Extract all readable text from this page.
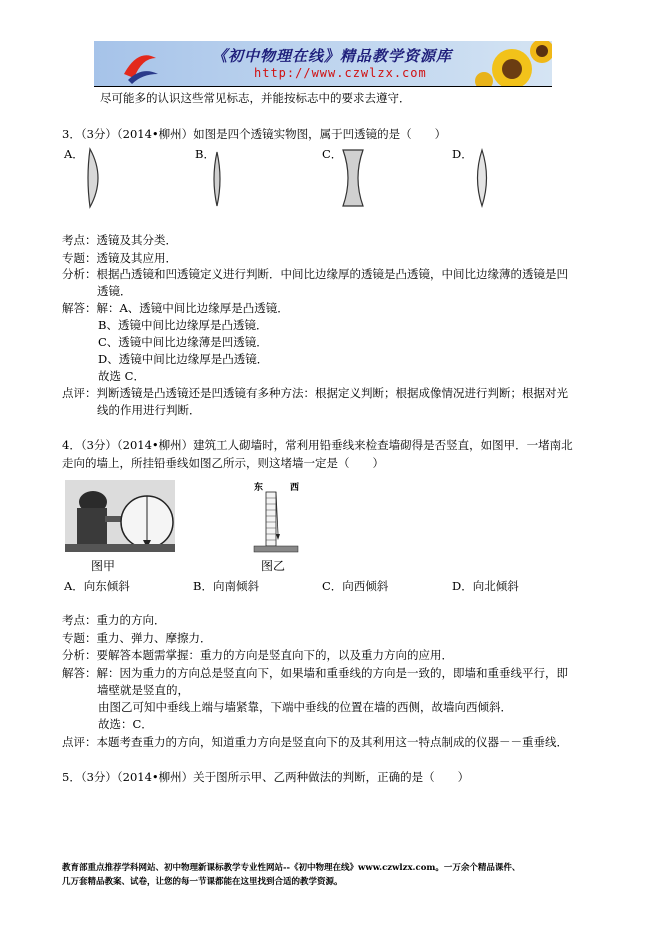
《初中物理在线》精品教学资源库
http://www.czwlzx.com
尽可能多的认识这些常见标志，并能按标志中的要求去遵守．
3．（3分）（2014•柳州）如图是四个透镜实物图，属于凹透镜的是（　　）
A．	B．	C．	D．
考点：透镜及其分类．
专题：透镜及其应用．
分析：根据凸透镜和凹透镜定义进行判断．中间比边缘厚的透镜是凸透镜，中间比边缘薄的透镜是凹
透镜．
解答：解：A、透镜中间比边缘厚是凸透镜．
B、透镜中间比边缘厚是凸透镜．
C、透镜中间比边缘薄是凹透镜．
D、透镜中间比边缘厚是凸透镜．
故选 C．
点评：判断透镜是凸透镜还是凹透镜有多种方法：根据定义判断；根据成像情况进行判断；根据对光
线的作用进行判断．
4．（3分）（2014•柳州）建筑工人砌墙时，常利用铅垂线来检查墙砌得是否竖直，如图甲．一堵南北
走向的墙上，所挂铅垂线如图乙所示，则这堵墙一定是（　　）
图甲
东	西
图乙
A．向东倾斜	B．向南倾斜	C．向西倾斜	D．向北倾斜
考点：重力的方向．
专题：重力、弹力、摩擦力．
分析：要解答本题需掌握：重力的方向是竖直向下的，以及重力方向的应用．
解答：解：因为重力的方向总是竖直向下，如果墙和重垂线的方向是一致的，即墙和重垂线平行，即
墙壁就是竖直的，
由图乙可知中垂线上端与墙紧靠，下端中垂线的位置在墙的西侧，故墙向西倾斜．
故选：C．
点评：本题考查重力的方向，知道重力方向是竖直向下的及其利用这一特点制成的仪器－－重垂线．
5．（3分）（2014•柳州）关于图所示甲、乙两种做法的判断，正确的是（　　）
教育部重点推荐学科网站、初中物理新课标教学专业性网站--《初中物理在线》www.czwlzx.com。一万余个精品课件、
几万套精品教案、试卷，让您的每一节课都能在这里找到合适的教学资源。
